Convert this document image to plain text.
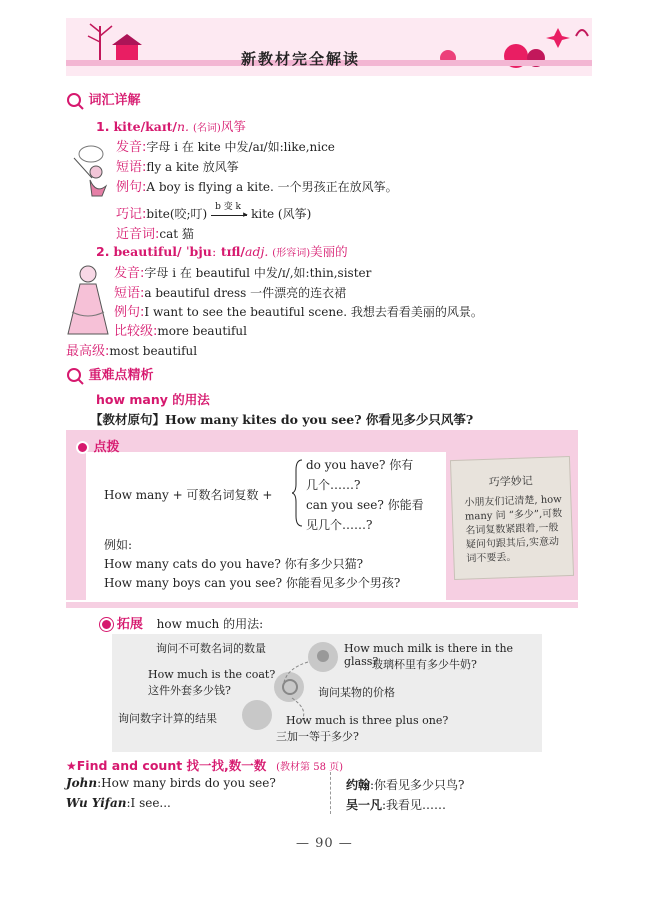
新教材完全解读
词汇详解
1. kite/kaɪt/n. (名词)风筝
发音:字母 i 在 kite 中发/aɪ/如:like,nice
短语:fly a kite 放风筝
例句:A boy is flying a kite. 一个男孩正在放风筝。
巧记:bite(咬;叮)
b 变 k
▸ kite (风筝)
近音词:cat 猫
2. beautiful/ ˈbjuː tɪfl/adj. (形容词)美丽的
发音:字母 i 在 beautiful 中发/ɪ/,如:thin,sister
短语:a beautiful dress 一件漂亮的连衣裙
例句:I want to see the beautiful scene. 我想去看看美丽的风景。
比较级:more beautiful
最高级:most beautiful
重难点精析
how many 的用法
【教材原句】How many kites do you see? 你看见多少只风筝?
点拨
How many + 可数名词复数 +
do you have? 你有
几个……?
can you see? 你能看
见几个……?
例如:
How many cats do you have? 你有多少只猫?
How many boys can you see? 你能看见多少个男孩?
巧学妙记
小朋友们记清楚, how many 问 “多少”,可数名词复数紧跟着,一般疑问句跟其后,实意动词不要丢。
拓展 how much 的用法:
询问不可数名词的数量	How much milk is there in the glass?
玻璃杯里有多少牛奶?
How much is the coat?
这件外套多少钱?	询问某物的价格
询问数字计算的结果	How much is three plus one?
三加一等于多少?
★Find and count 找一找,数一数 (教材第 58 页)
John:How many birds do you see?
Wu Yifan:I see...
约翰:你看见多少只鸟?
吴一凡:我看见……
— 90 —
